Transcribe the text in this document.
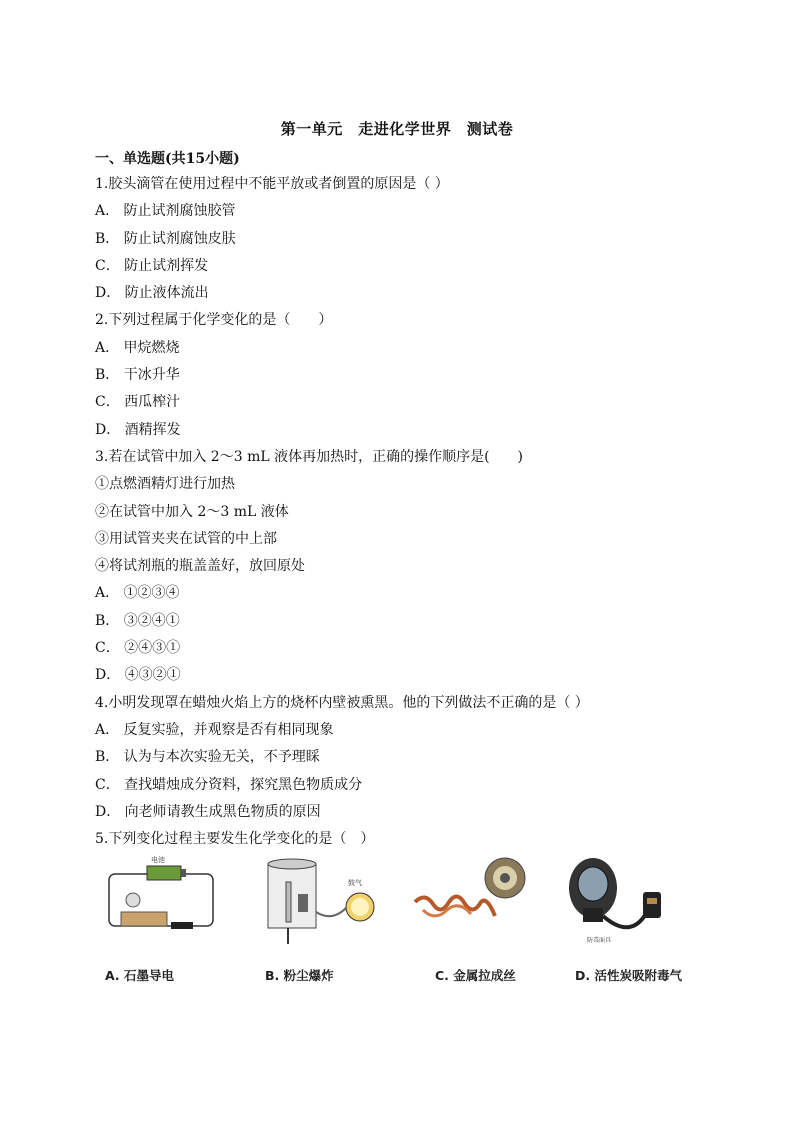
第一单元　走进化学世界　测试卷
一、单选题(共15小题)
1.胶头滴管在使用过程中不能平放或者倒置的原因是（ ）
A． 防止试剂腐蚀胶管
B． 防止试剂腐蚀皮肤
C． 防止试剂挥发
D． 防止液体流出
2.下列过程属于化学变化的是（　　）
A． 甲烷燃烧
B． 干冰升华
C． 西瓜榨汁
D． 酒精挥发
3.若在试管中加入 2～3 mL 液体再加热时，正确的操作顺序是(　　)
①点燃酒精灯进行加热
②在试管中加入 2～3 mL 液体
③用试管夹夹在试管的中上部
④将试剂瓶的瓶盖盖好，放回原处
A． ①②③④
B． ③②④①
C． ②④③①
D． ④③②①
4.小明发现罩在蜡烛火焰上方的烧杯内壁被熏黑。他的下列做法不正确的是（ ）
A． 反复实验，并观察是否有相同现象
B． 认为与本次实验无关，不予理睬
C． 查找蜡烛成分资料，探究黑色物质成分
D． 向老师请教生成黑色物质的原因
5.下列变化过程主要发生化学变化的是（　）
电池
鼓气
防毒面具
A. 石墨导电	B. 粉尘爆炸	C. 金属拉成丝	D. 活性炭吸附毒气
